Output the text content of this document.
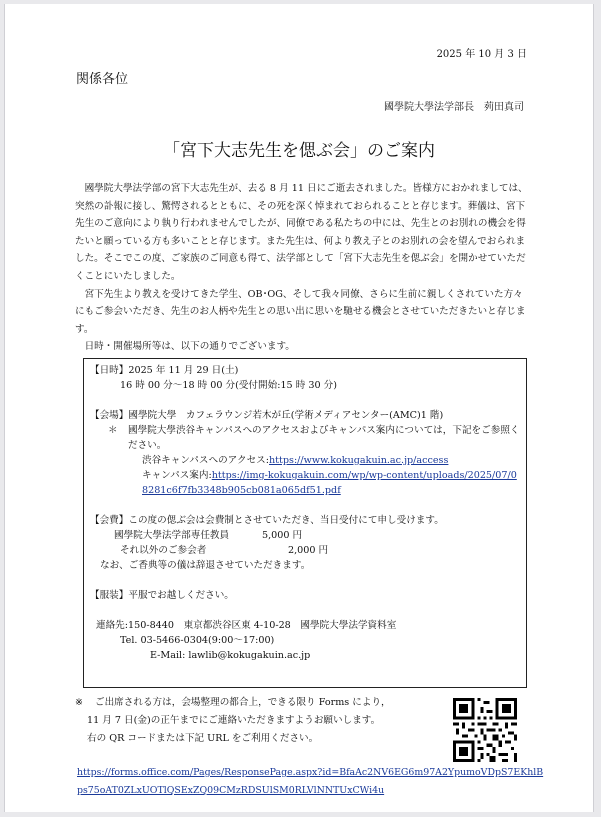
2025 年 10 月 3 日
関係各位
國學院大學法学部長　茢田真司
「宮下大志先生を偲ぶ会」のご案内

國學院大學法学部の宮下大志先生が、去る 8 月 11 日にご逝去されました。皆様方におかれましては、突然の訃報に接し、驚愕されるとともに、その死を深く悼まれておられることと存じます。葬儀は、宮下先生のご意向により執り行われませんでしたが、同僚である私たちの中には、先生とのお別れの機会を得たいと願っている方も多いことと存じます。また先生は、何より教え子とのお別れの会を望んでおられました。そこでこの度、ご家族のご同意も得て、法学部として「宮下大志先生を偲ぶ会」を開かせていただくことにいたしました。

宮下先生より教えを受けてきた学生、OB･OG、そして我々同僚、さらに生前に親しくされていた方々にもご参会いただき、先生のお人柄や先生との思い出に思いを馳せる機会とさせていただきたいと存じます。

日時・開催場所等は、以下の通りでございます。

【日時】2025 年 11 月 29 日(土)
16 時 00 分～18 時 00 分(受付開始:15 時 30 分)
【会場】國學院大學　カフェラウンジ若木が丘(学術メディアセンター(AMC)1 階)
＊	國學院大學渋谷キャンパスへのアクセスおよびキャンパス案内については，下記をご参照ください。
渋谷キャンパスへのアクセス:https://www.kokugakuin.ac.jp/access
キャンパス案内:https://img-kokugakuin.com/wp/wp-content/uploads/2025/07/08281c6f7fb3348b905cb081a065df51.pdf
【会費】この度の偲ぶ会は会費制とさせていただき、当日受付にて申し受けます。
國學院大學法学部専任教員	5,000 円
それ以外のご参会者	2,000 円
なお、ご香典等の儀は辞退させていただきます。
【服装】平服でお越しください。
連絡先:150-8440　東京都渋谷区東 4-10-28　國學院大學法学資料室
Tel. 03-5466-0304(9:00～17:00)
E-Mail: lawlib@kokugakuin.ac.jp
※	ご出席される方は，会場整理の都合上，できる限り Forms により，
11 月 7 日(金)の正午までにご連絡いただきますようお願いします。
右の QR コードまたは下記 URL をご利用ください。
https://forms.office.com/Pages/ResponsePage.aspx?id=BfaAc2NV6EG6m97A2YpumoVDpS7EKhlBps75oAT0ZLxUOTlQSExZQ09CMzRDSUlSM0RLVlNNTUxCWi4u
